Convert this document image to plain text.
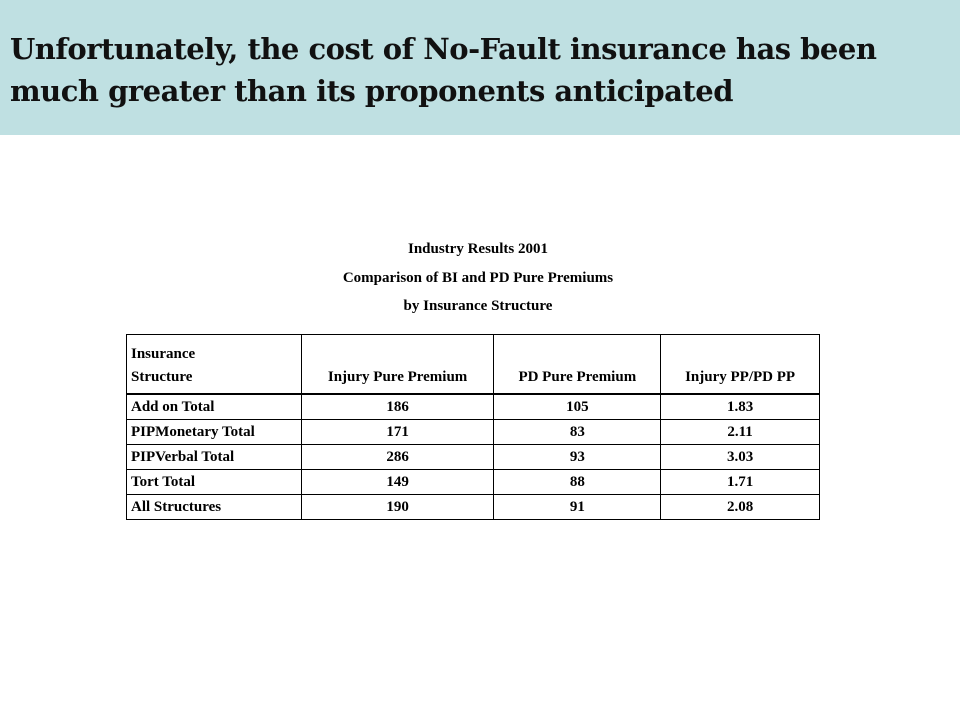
Unfortunately, the cost of No-Fault insurance has been much greater than its proponents anticipated
Industry Results 2001
Comparison of BI and PD Pure Premiums
by Insurance Structure
Insurance
Structure	Injury Pure Premium	PD Pure Premium	Injury PP/PD PP
Add on Total	186	105	1.83
PIPMonetary Total	171	83	2.11
PIPVerbal Total	286	93	3.03
Tort Total	149	88	1.71
All Structures	190	91	2.08
